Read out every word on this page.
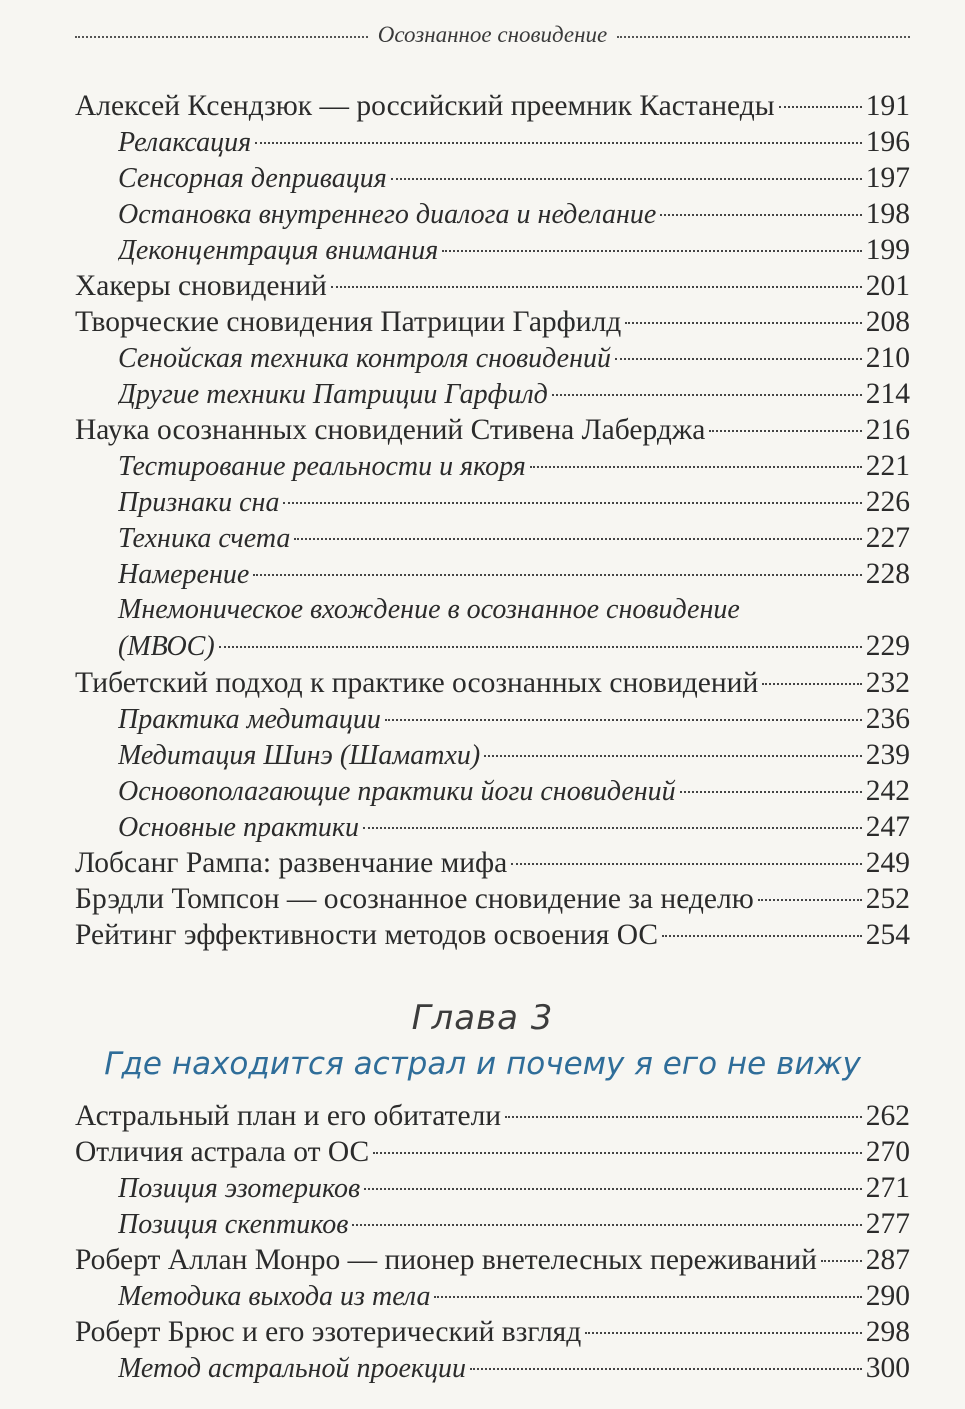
Осознанное сновидение
Алексей Ксендзюк — российский преемник Кастанеды	191
Релаксация	196
Сенсорная депривация	197
Остановка внутреннего диалога и неделание	198
Деконцентрация внимания	199
Хакеры сновидений	201
Творческие сновидения Патриции Гарфилд	208
Сенойская техника контроля сновидений	210
Другие техники Патриции Гарфилд	214
Наука осознанных сновидений Стивена Лаберджа	216
Тестирование реальности и якоря	221
Признаки сна	226
Техника счета	227
Намерение	228
Мнемоническое вхождение в осознанное сновидение
(МВОС)	229
Тибетский подход к практике осознанных сновидений	232
Практика медитации	236
Медитация Шинэ (Шаматхи)	239
Основополагающие практики йоги сновидений	242
Основные практики	247
Лобсанг Рампа: развенчание мифа	249
Брэдли Томпсон — осознанное сновидение за неделю	252
Рейтинг эффективности методов освоения ОС	254
Глава 3
Где находится астрал и почему я его не вижу
Астральный план и его обитатели	262
Отличия астрала от ОС	270
Позиция эзотериков	271
Позиция скептиков	277
Роберт Аллан Монро — пионер внетелесных переживаний 287
Методика выхода из тела	290
Роберт Брюс и его эзотерический взгляд	298
Метод астральной проекции	300
